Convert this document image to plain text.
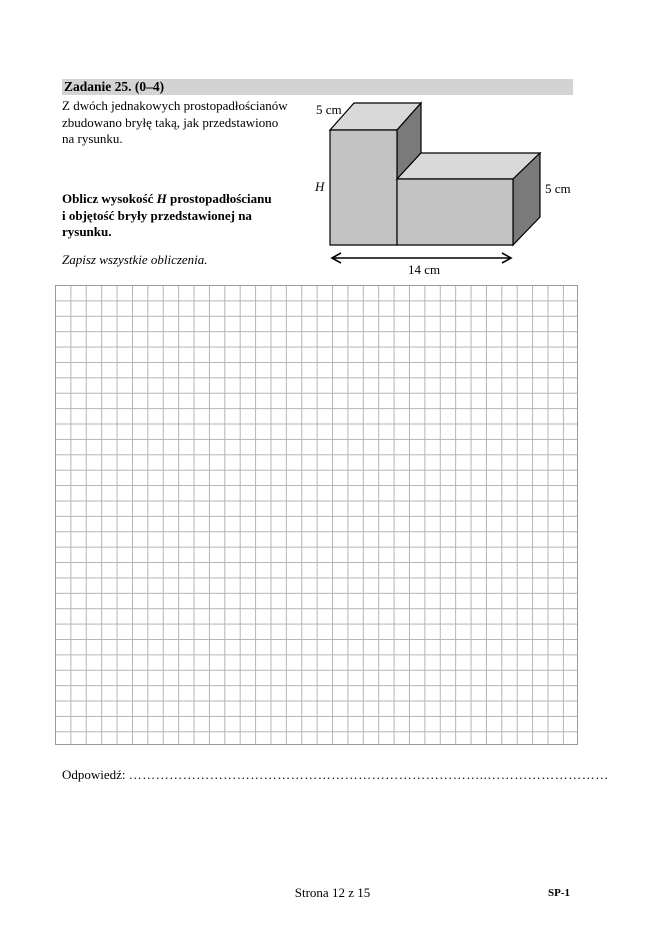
Zadanie 25. (0–4)
Z dwóch jednakowych prostopadłościanów
zbudowano bryłę taką, jak przedstawiono
na rysunku.
Oblicz wysokość H prostopadłościanu
i objętość bryły przedstawionej na
rysunku.
Zapisz wszystkie obliczenia.
5 cm
H	5 cm
14 cm
Odpowiedź: ……………………………………………………………………..………………………
Strona 12 z 15	SP-1
